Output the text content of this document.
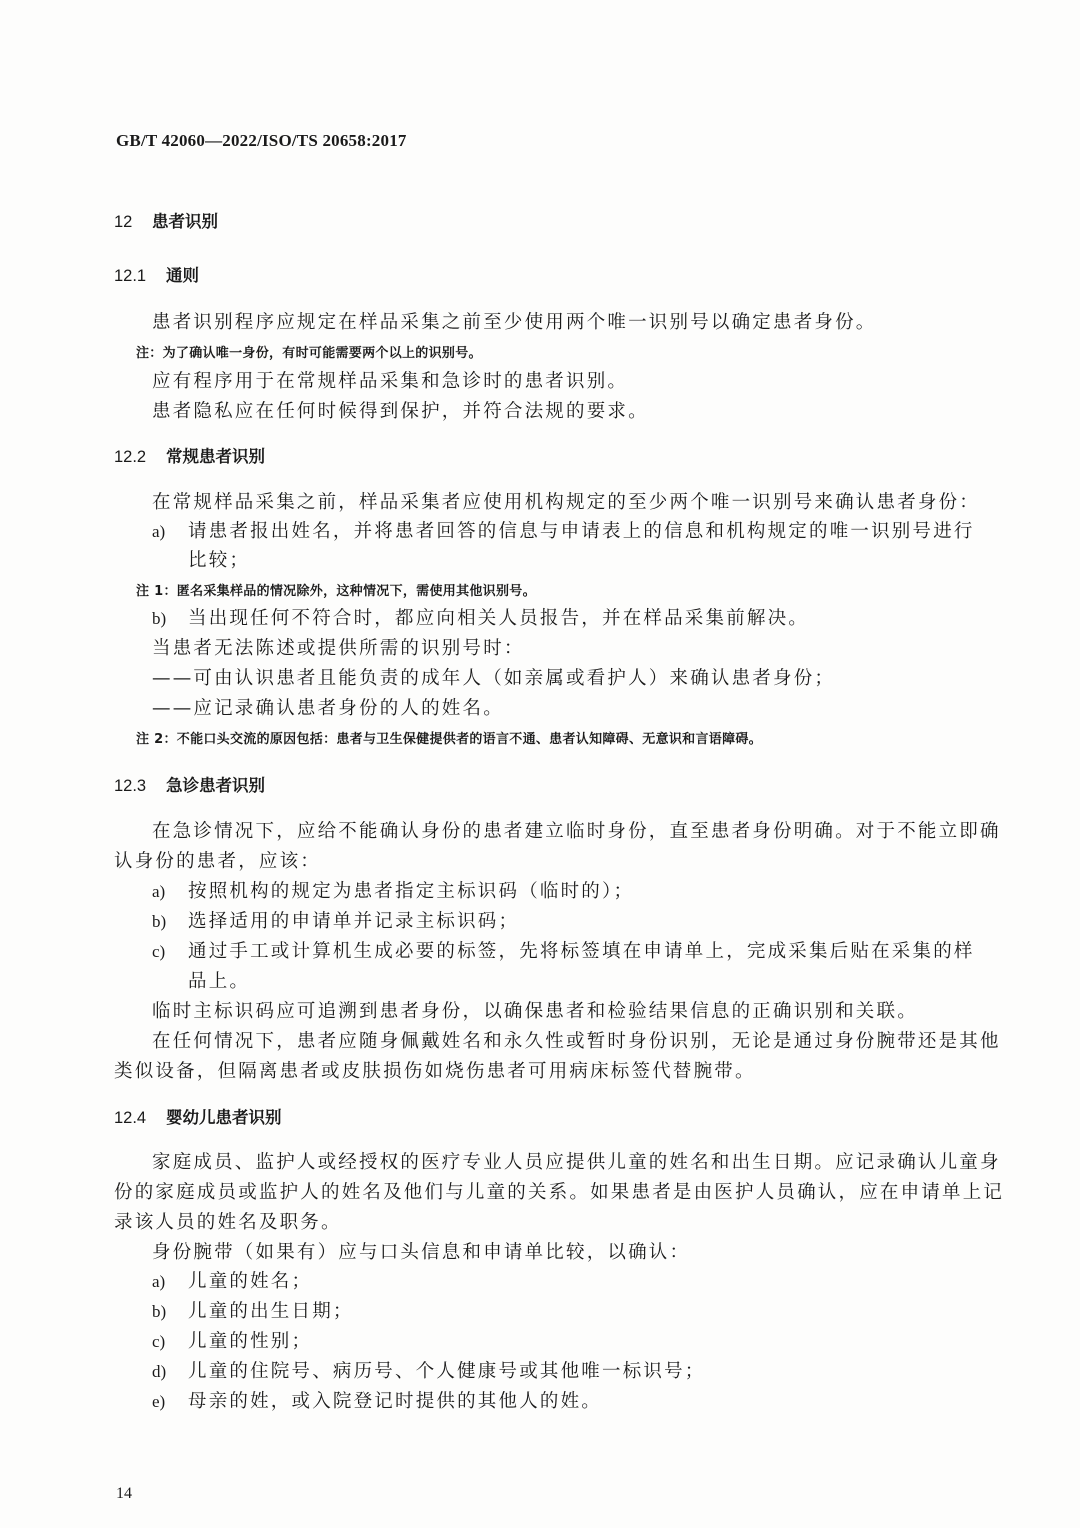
GB/T 42060—2022/ISO/TS 20658:2017
12 患者识别
12.1 通则
患者识别程序应规定在样品采集之前至少使用两个唯一识别号以确定患者身份。
注：为了确认唯一身份，有时可能需要两个以上的识别号。
应有程序用于在常规样品采集和急诊时的患者识别。
患者隐私应在任何时候得到保护，并符合法规的要求。
12.2 常规患者识别
在常规样品采集之前，样品采集者应使用机构规定的至少两个唯一识别号来确认患者身份：
a) 请患者报出姓名，并将患者回答的信息与申请表上的信息和机构规定的唯一识别号进行
比较；
注 1：匿名采集样品的情况除外，这种情况下，需使用其他识别号。
b) 当出现任何不符合时，都应向相关人员报告，并在样品采集前解决。
当患者无法陈述或提供所需的识别号时：
——可由认识患者且能负责的成年人（如亲属或看护人）来确认患者身份；
——应记录确认患者身份的人的姓名。
注 2：不能口头交流的原因包括：患者与卫生保健提供者的语言不通、患者认知障碍、无意识和言语障碍。
12.3 急诊患者识别
在急诊情况下，应给不能确认身份的患者建立临时身份，直至患者身份明确。对于不能立即确
认身份的患者，应该：
a) 按照机构的规定为患者指定主标识码（临时的）；
b) 选择适用的申请单并记录主标识码；
c) 通过手工或计算机生成必要的标签，先将标签填在申请单上，完成采集后贴在采集的样
品上。
临时主标识码应可追溯到患者身份，以确保患者和检验结果信息的正确识别和关联。
在任何情况下，患者应随身佩戴姓名和永久性或暂时身份识别，无论是通过身份腕带还是其他
类似设备，但隔离患者或皮肤损伤如烧伤患者可用病床标签代替腕带。
12.4 婴幼儿患者识别
家庭成员、监护人或经授权的医疗专业人员应提供儿童的姓名和出生日期。应记录确认儿童身
份的家庭成员或监护人的姓名及他们与儿童的关系。如果患者是由医护人员确认，应在申请单上记
录该人员的姓名及职务。
身份腕带（如果有）应与口头信息和申请单比较，以确认：
a) 儿童的姓名；
b) 儿童的出生日期；
c) 儿童的性别；
d) 儿童的住院号、病历号、个人健康号或其他唯一标识号；
e) 母亲的姓，或入院登记时提供的其他人的姓。
14
